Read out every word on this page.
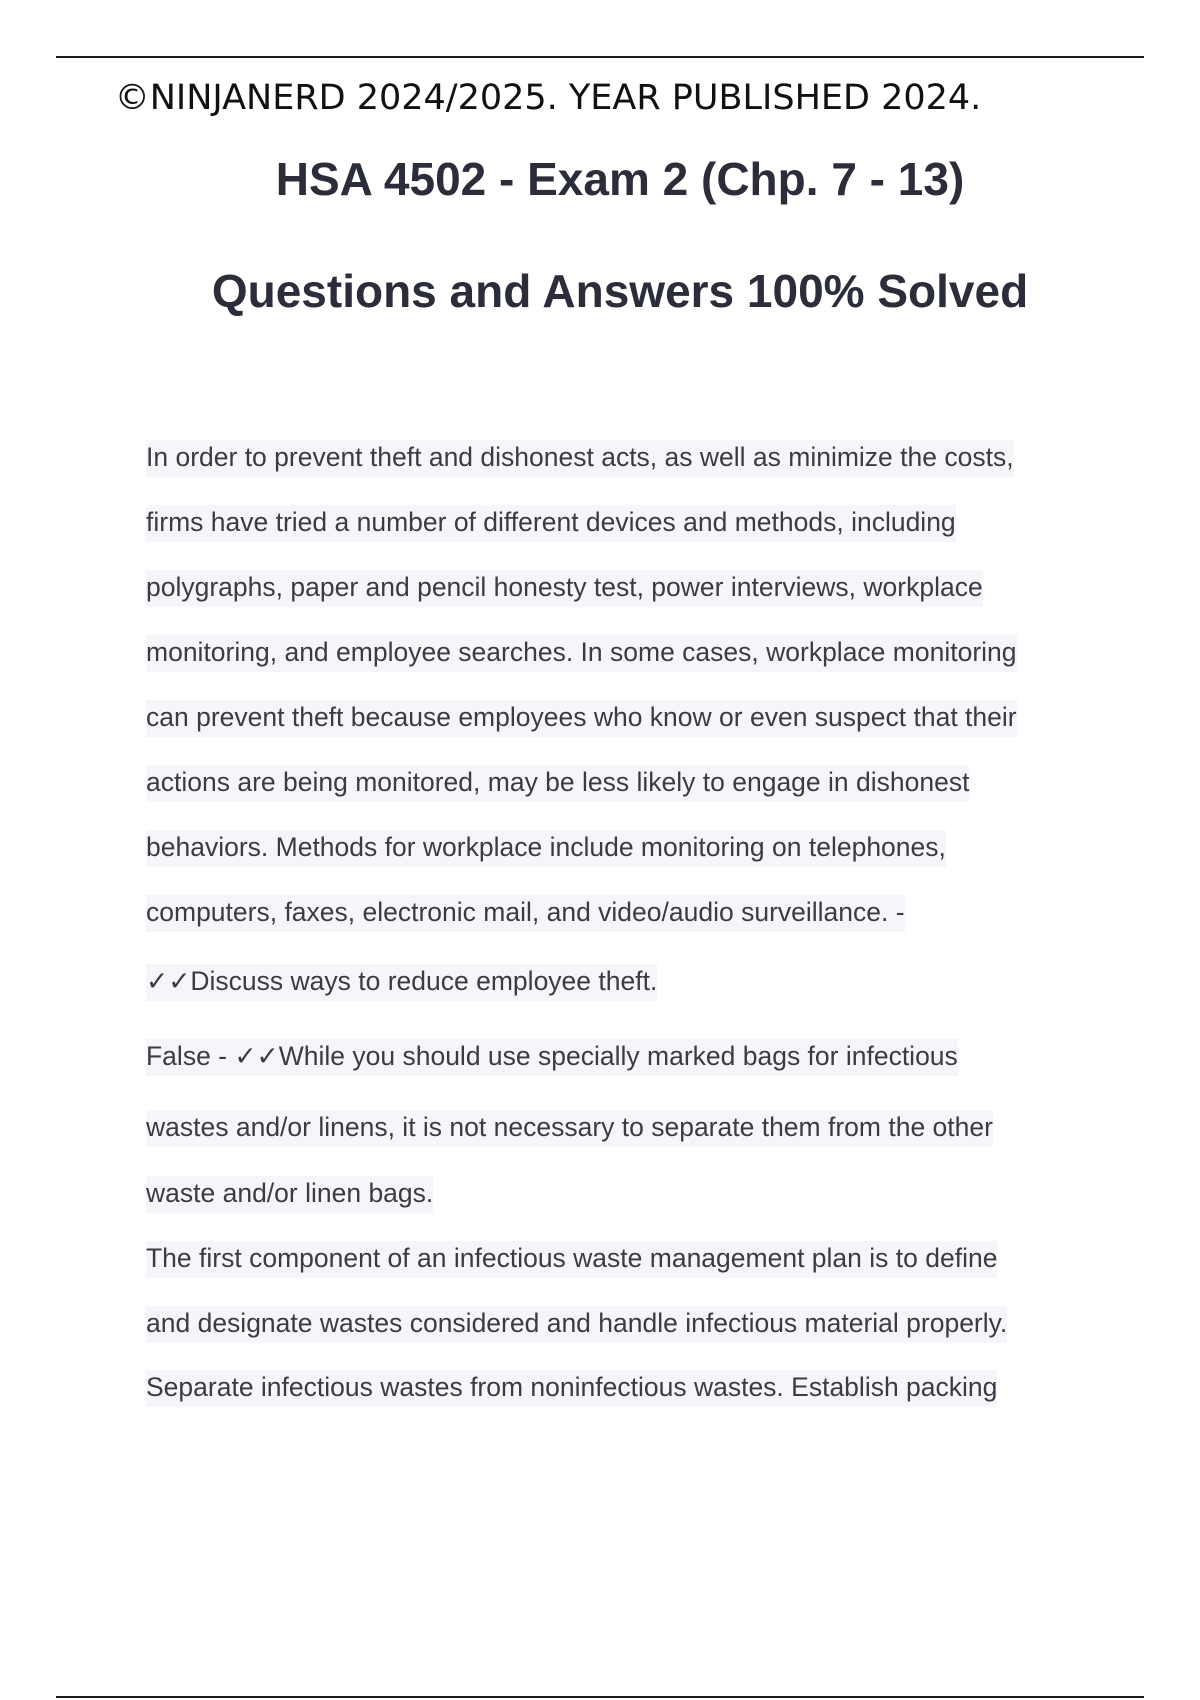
©NINJANERD 2024/2025. YEAR PUBLISHED 2024.
HSA 4502 - Exam 2 (Chp. 7 - 13)
Questions and Answers 100% Solved
In order to prevent theft and dishonest acts, as well as minimize the costs,
firms have tried a number of different devices and methods, including
polygraphs, paper and pencil honesty test, power interviews, workplace
monitoring, and employee searches. In some cases, workplace monitoring
can prevent theft because employees who know or even suspect that their
actions are being monitored, may be less likely to engage in dishonest
behaviors. Methods for workplace include monitoring on telephones,
computers, faxes, electronic mail, and video/audio surveillance. -
✓✓Discuss ways to reduce employee theft.
False - ✓✓While you should use specially marked bags for infectious
wastes and/or linens, it is not necessary to separate them from the other
waste and/or linen bags.
The first component of an infectious waste management plan is to define
and designate wastes considered and handle infectious material properly.
Separate infectious wastes from noninfectious wastes. Establish packing
